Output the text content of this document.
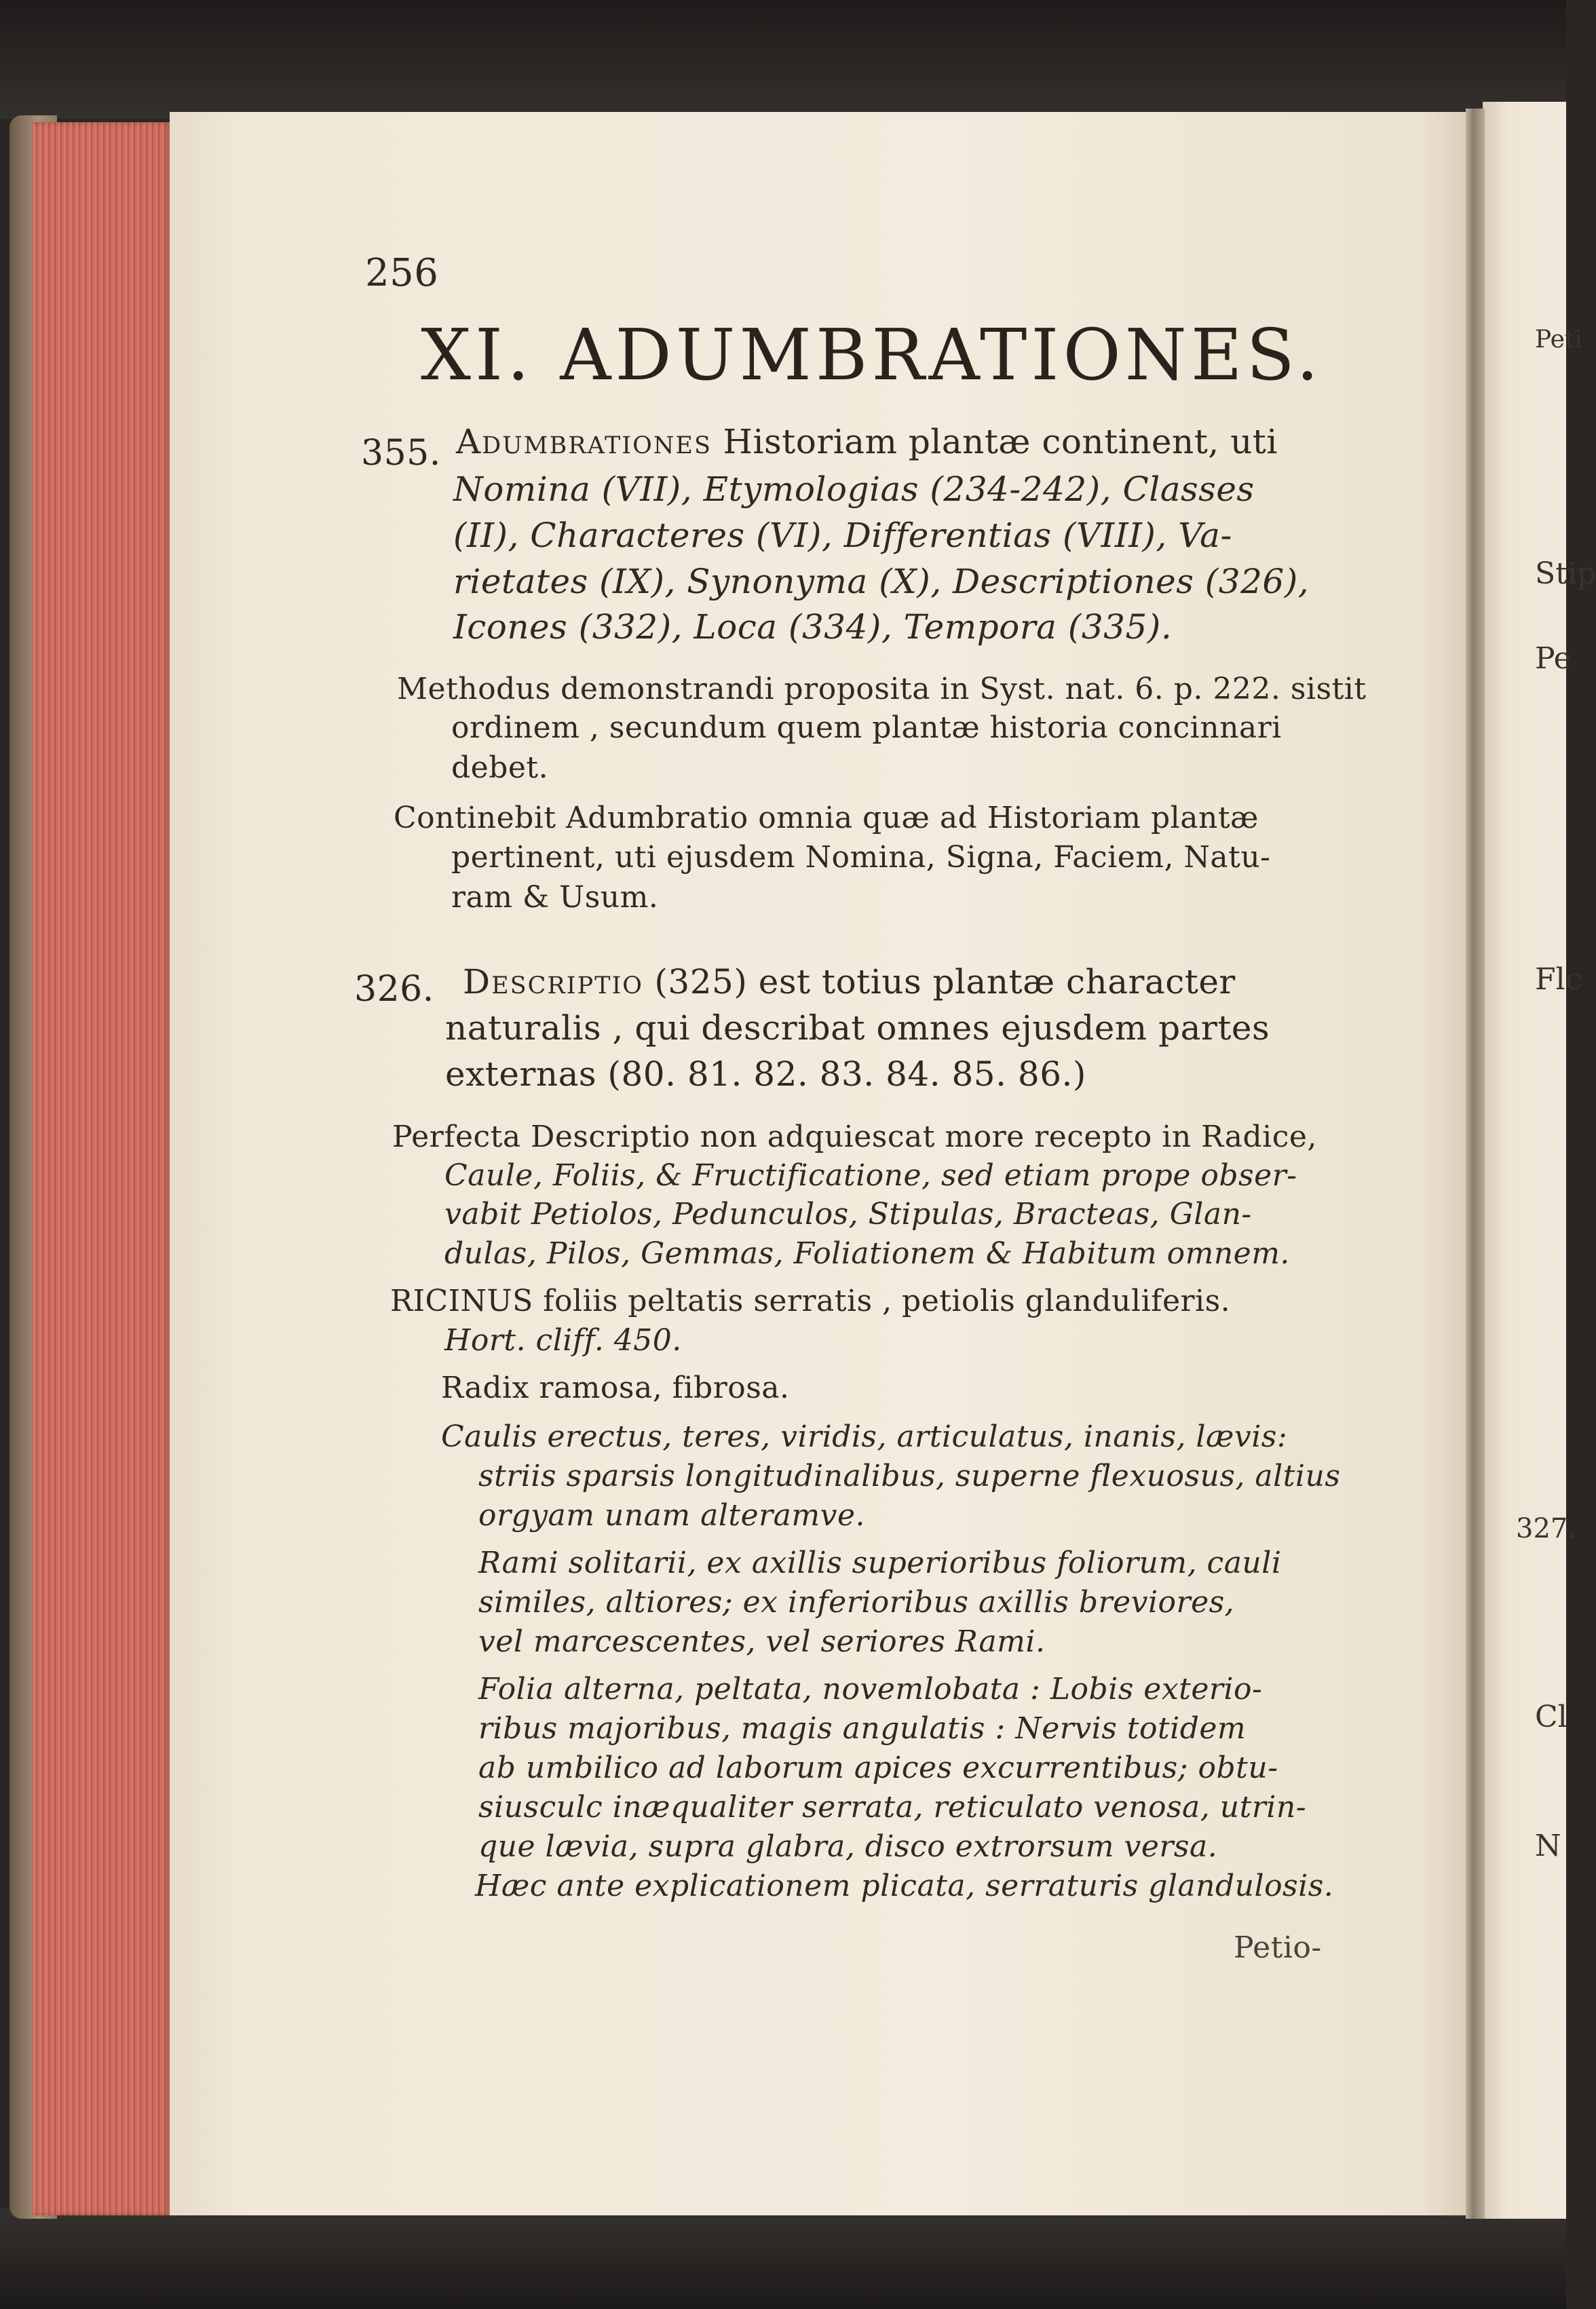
Peti
Stip
Pe
Flc
327.
Cl
N
256
XI. ADUMBRATIONES.
355. Adumbrationes Historiam plantæ continent, uti
Nomina (VII), Etymologias (234-242), Classes
(II), Characteres (VI), Differentias (VIII), Va-
rietates (IX), Synonyma (X), Descriptiones (326),
Icones (332), Loca (334), Tempora (335).
Methodus demonstrandi proposita in Syst. nat. 6. p. 222. sistit
ordinem , secundum quem plantæ historia concinnari
debet.
Continebit Adumbratio omnia quæ ad Historiam plantæ
pertinent, uti ejusdem Nomina, Signa, Faciem, Natu-
ram & Usum.
326. Descriptio (325) est totius plantæ character
naturalis , qui describat omnes ejusdem partes
externas (80. 81. 82. 83. 84. 85. 86.)
Perfecta Descriptio non adquiescat more recepto in Radice,
Caule, Foliis, & Fructificatione, sed etiam prope obser-
vabit Petiolos, Pedunculos, Stipulas, Bracteas, Glan-
dulas, Pilos, Gemmas, Foliationem & Habitum omnem.
RICINUS foliis peltatis serratis , petiolis glanduliferis.
Hort. cliff. 450.
Radix ramosa, fibrosa.
Caulis erectus, teres, viridis, articulatus, inanis, lævis:
striis sparsis longitudinalibus, superne flexuosus, altius
orgyam unam alteramve.
Rami solitarii, ex axillis superioribus foliorum, cauli
similes, altiores; ex inferioribus axillis breviores,
vel marcescentes, vel seriores Rami.
Folia alterna, peltata, novemlobata : Lobis exterio-
ribus majoribus, magis angulatis : Nervis totidem
ab umbilico ad laborum apices excurrentibus; obtu-
siusculc inæqualiter serrata, reticulato venosa, utrin-
que lævia, supra glabra, disco extrorsum versa.
Hæc ante explicationem plicata, serraturis glandulosis.
Petio-
